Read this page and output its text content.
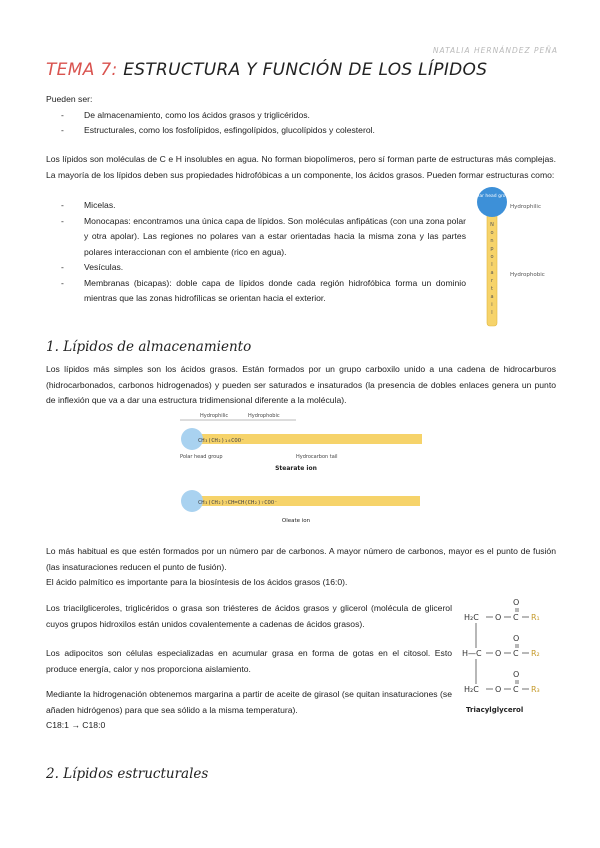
NATALIA HERNÁNDEZ PEÑA
TEMA 7: ESTRUCTURA Y FUNCIÓN DE LOS LÍPIDOS
Pueden ser:
- De almacenamiento, como los ácidos grasos y triglicéridos.
- Estructurales, como los fosfolípidos, esfingolípidos, glucolípidos y colesterol.
Los lípidos son moléculas de C e H insolubles en agua. No forman biopolímeros, pero sí forman parte de estructuras más complejas. La mayoría de los lípidos deben sus propiedades hidrofóbicas a un componente, los ácidos grasos. Pueden formar estructuras como:
- Micelas.
- Monocapas: encontramos una única capa de lípidos. Son moléculas anfipáticas (con una zona polar y otra apolar). Las regiones no polares van a estar orientadas hacia la misma zona y las partes polares interaccionan con el ambiente (rico en agua).
- Vesículas.
- Membranas (bicapas): doble capa de lípidos donde cada región hidrofóbica forma un dominio mientras que las zonas hidrofílicas se orientan hacia el exterior.
Polar head group
N
o
n
p
o
l
a
r
t
a
i
l
Hydrophilic
Hydrophobic
1. Lípidos de almacenamiento
Los lípidos más simples son los ácidos grasos. Están formados por un grupo carboxilo unido a una cadena de hidrocarburos (hidrocarbonados, carbonos hidrogenados) y pueden ser saturados e insaturados (la presencia de dobles enlaces genera un punto de inflexión que va a dar una estructura tridimensional diferente a la molécula).
Hydrophilic	Hydrophobic
CH₃(CH₂)₁₆COO⁻
Polar head group	Hydrocarbon tail
Stearate ion
CH₃(CH₂)₇CH=CH(CH₂)₇COO⁻
Oleate ion
Lo más habitual es que estén formados por un número par de carbonos. A mayor número de carbonos, mayor es el punto de fusión (las insaturaciones reducen el punto de fusión).
El ácido palmítico es importante para la biosíntesis de los ácidos grasos (16:0).
Los triacilgliceroles, triglicéridos o grasa son triésteres de ácidos grasos y glicerol (molécula de glicerol cuyos grupos hidroxilos están unidos covalentemente a cadenas de ácidos grasos).
Los adipocitos son células especializadas en acumular grasa en forma de gotas en el citosol. Esto produce energía, calor y nos proporciona aislamiento.
Mediante la hidrogenación obtenemos margarina a partir de aceite de girasol (se quitan insaturaciones (se añaden hidrógenos) para que sea sólido a la misma temperatura).
C18:1 → C18:0
H₂C O C
O
R₁
H—C O C
O
R₂
H₂C O C
O
R₃
Triacylglycerol
2. Lípidos estructurales
